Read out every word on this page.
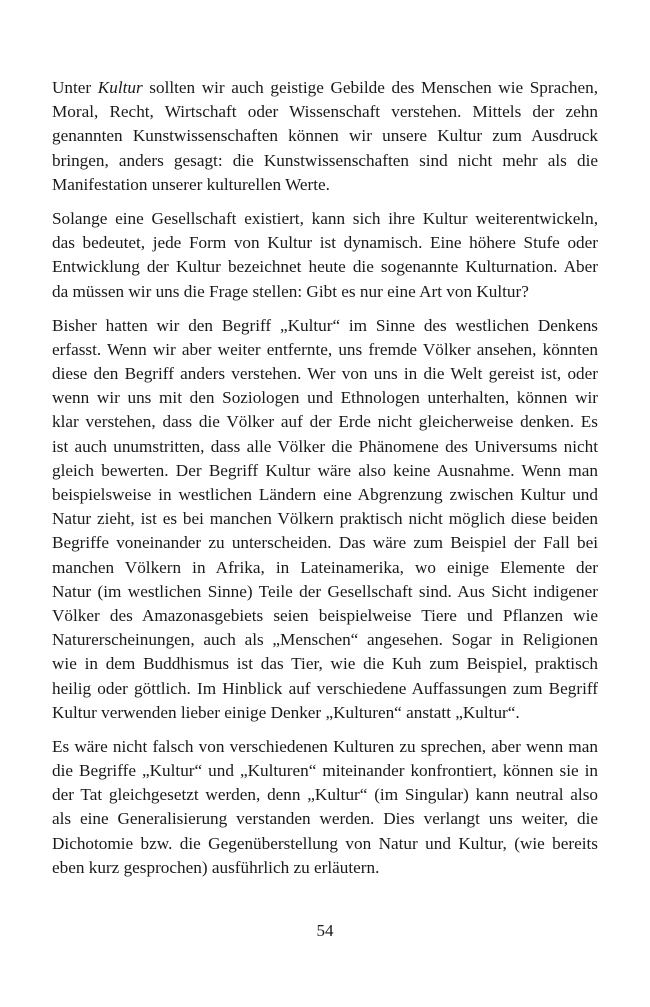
Unter Kultur sollten wir auch geistige Gebilde des Menschen wie Sprachen,
Moral, Recht, Wirtschaft oder Wissenschaft verstehen. Mittels der zehn
genannten Kunstwissenschaften können wir unsere Kultur zum Ausdruck
bringen, anders gesagt: die Kunstwissenschaften sind nicht mehr als die
Manifestation unserer kulturellen Werte.
Solange eine Gesellschaft existiert, kann sich ihre Kultur weiterentwickeln,
das bedeutet, jede Form von Kultur ist dynamisch. Eine höhere Stufe oder
Entwicklung der Kultur bezeichnet heute die sogenannte Kulturnation. Aber
da müssen wir uns die Frage stellen: Gibt es nur eine Art von Kultur?
Bisher hatten wir den Begriff „Kultur“ im Sinne des westlichen Denkens
erfasst. Wenn wir aber weiter entfernte, uns fremde Völker ansehen, könnten
diese den Begriff anders verstehen. Wer von uns in die Welt gereist ist, oder
wenn wir uns mit den Soziologen und Ethnologen unterhalten, können wir
klar verstehen, dass die Völker auf der Erde nicht gleicherweise denken. Es
ist auch unumstritten, dass alle Völker die Phänomene des Universums nicht
gleich bewerten. Der Begriff Kultur wäre also keine Ausnahme. Wenn man
beispielsweise in westlichen Ländern eine Abgrenzung zwischen Kultur und
Natur zieht, ist es bei manchen Völkern praktisch nicht möglich diese beiden
Begriffe voneinander zu unterscheiden. Das wäre zum Beispiel der Fall bei
manchen Völkern in Afrika, in Lateinamerika, wo einige Elemente der
Natur (im westlichen Sinne) Teile der Gesellschaft sind. Aus Sicht indigener
Völker des Amazonasgebiets seien beispielweise Tiere und Pflanzen wie
Naturerscheinungen, auch als „Menschen“ angesehen. Sogar in Religionen
wie in dem Buddhismus ist das Tier, wie die Kuh zum Beispiel, praktisch
heilig oder göttlich. Im Hinblick auf verschiedene Auffassungen zum Begriff
Kultur verwenden lieber einige Denker „Kulturen“ anstatt „Kultur“.
Es wäre nicht falsch von verschiedenen Kulturen zu sprechen, aber wenn man
die Begriffe „Kultur“ und „Kulturen“ miteinander konfrontiert, können sie in
der Tat gleichgesetzt werden, denn „Kultur“ (im Singular) kann neutral also
als eine Generalisierung verstanden werden. Dies verlangt uns weiter, die
Dichotomie bzw. die Gegenüberstellung von Natur und Kultur, (wie bereits
eben kurz gesprochen) ausführlich zu erläutern.
54
